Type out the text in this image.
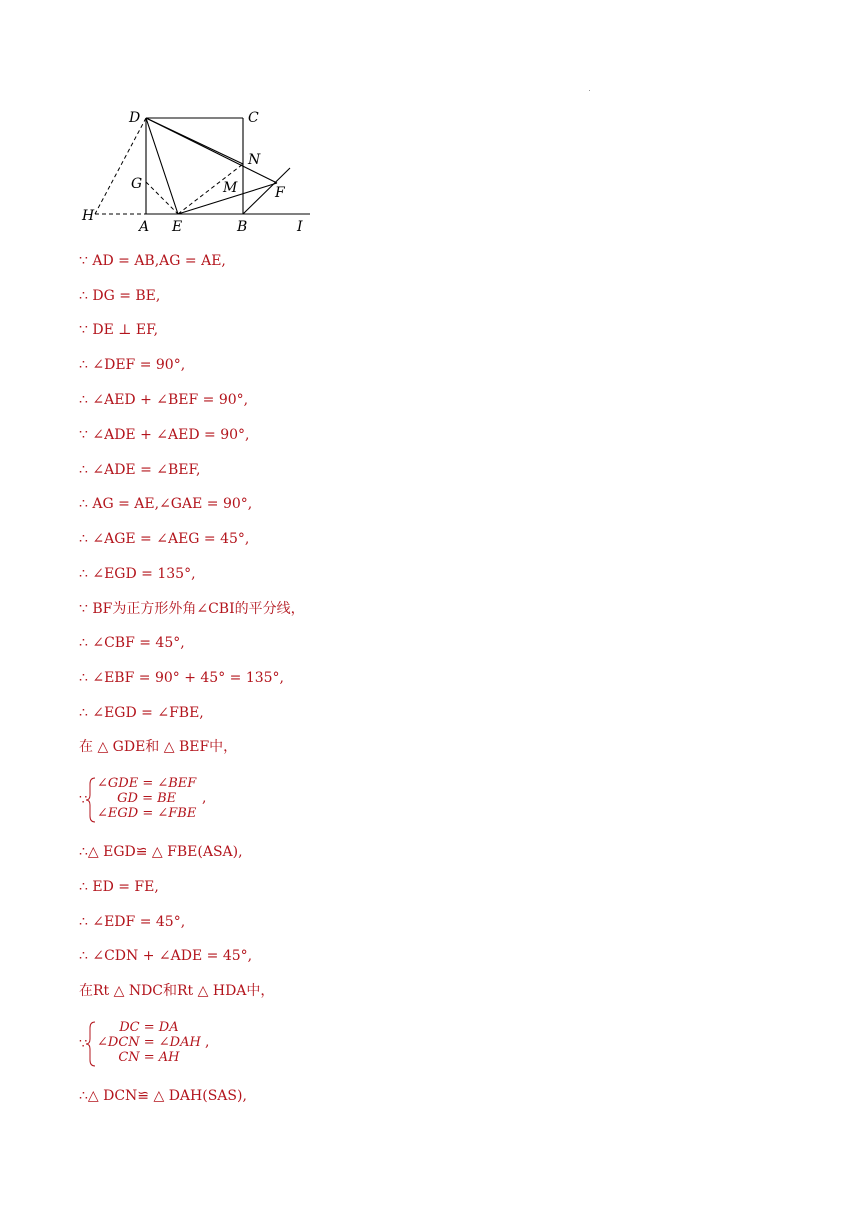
D	C
N
G	M	F
H
A E	B	I
∵ AD = AB,AG = AE,
∴ DG = BE,
∵ DE ⊥ EF,
∴ ∠DEF = 90°,
∴ ∠AED + ∠BEF = 90°,
∵ ∠ADE + ∠AED = 90°,
∴ ∠ADE = ∠BEF,
∴ AG = AE,∠GAE = 90°,
∴ ∠AGE = ∠AEG = 45°,
∴ ∠EGD = 135°,
∵ BF为正方形外角∠CBI的平分线，
∴ ∠CBF = 45°,
∴ ∠EBF = 90° + 45° = 135°,
∴ ∠EGD = ∠FBE,
在 △ GDE和 △ BEF中，
∵
∠GDE = ∠BEF
GD = BE
∠EGD = ∠FBE
,
∴△ EGD≌ △ FBE(ASA),
∴ ED = FE,
∴ ∠EDF = 45°,
∴ ∠CDN + ∠ADE = 45°,
在Rt △ NDC和Rt △ HDA中，
∵
DC = DA
∠DCN = ∠DAH
CN = AH
,
∴△ DCN≌ △ DAH(SAS),
